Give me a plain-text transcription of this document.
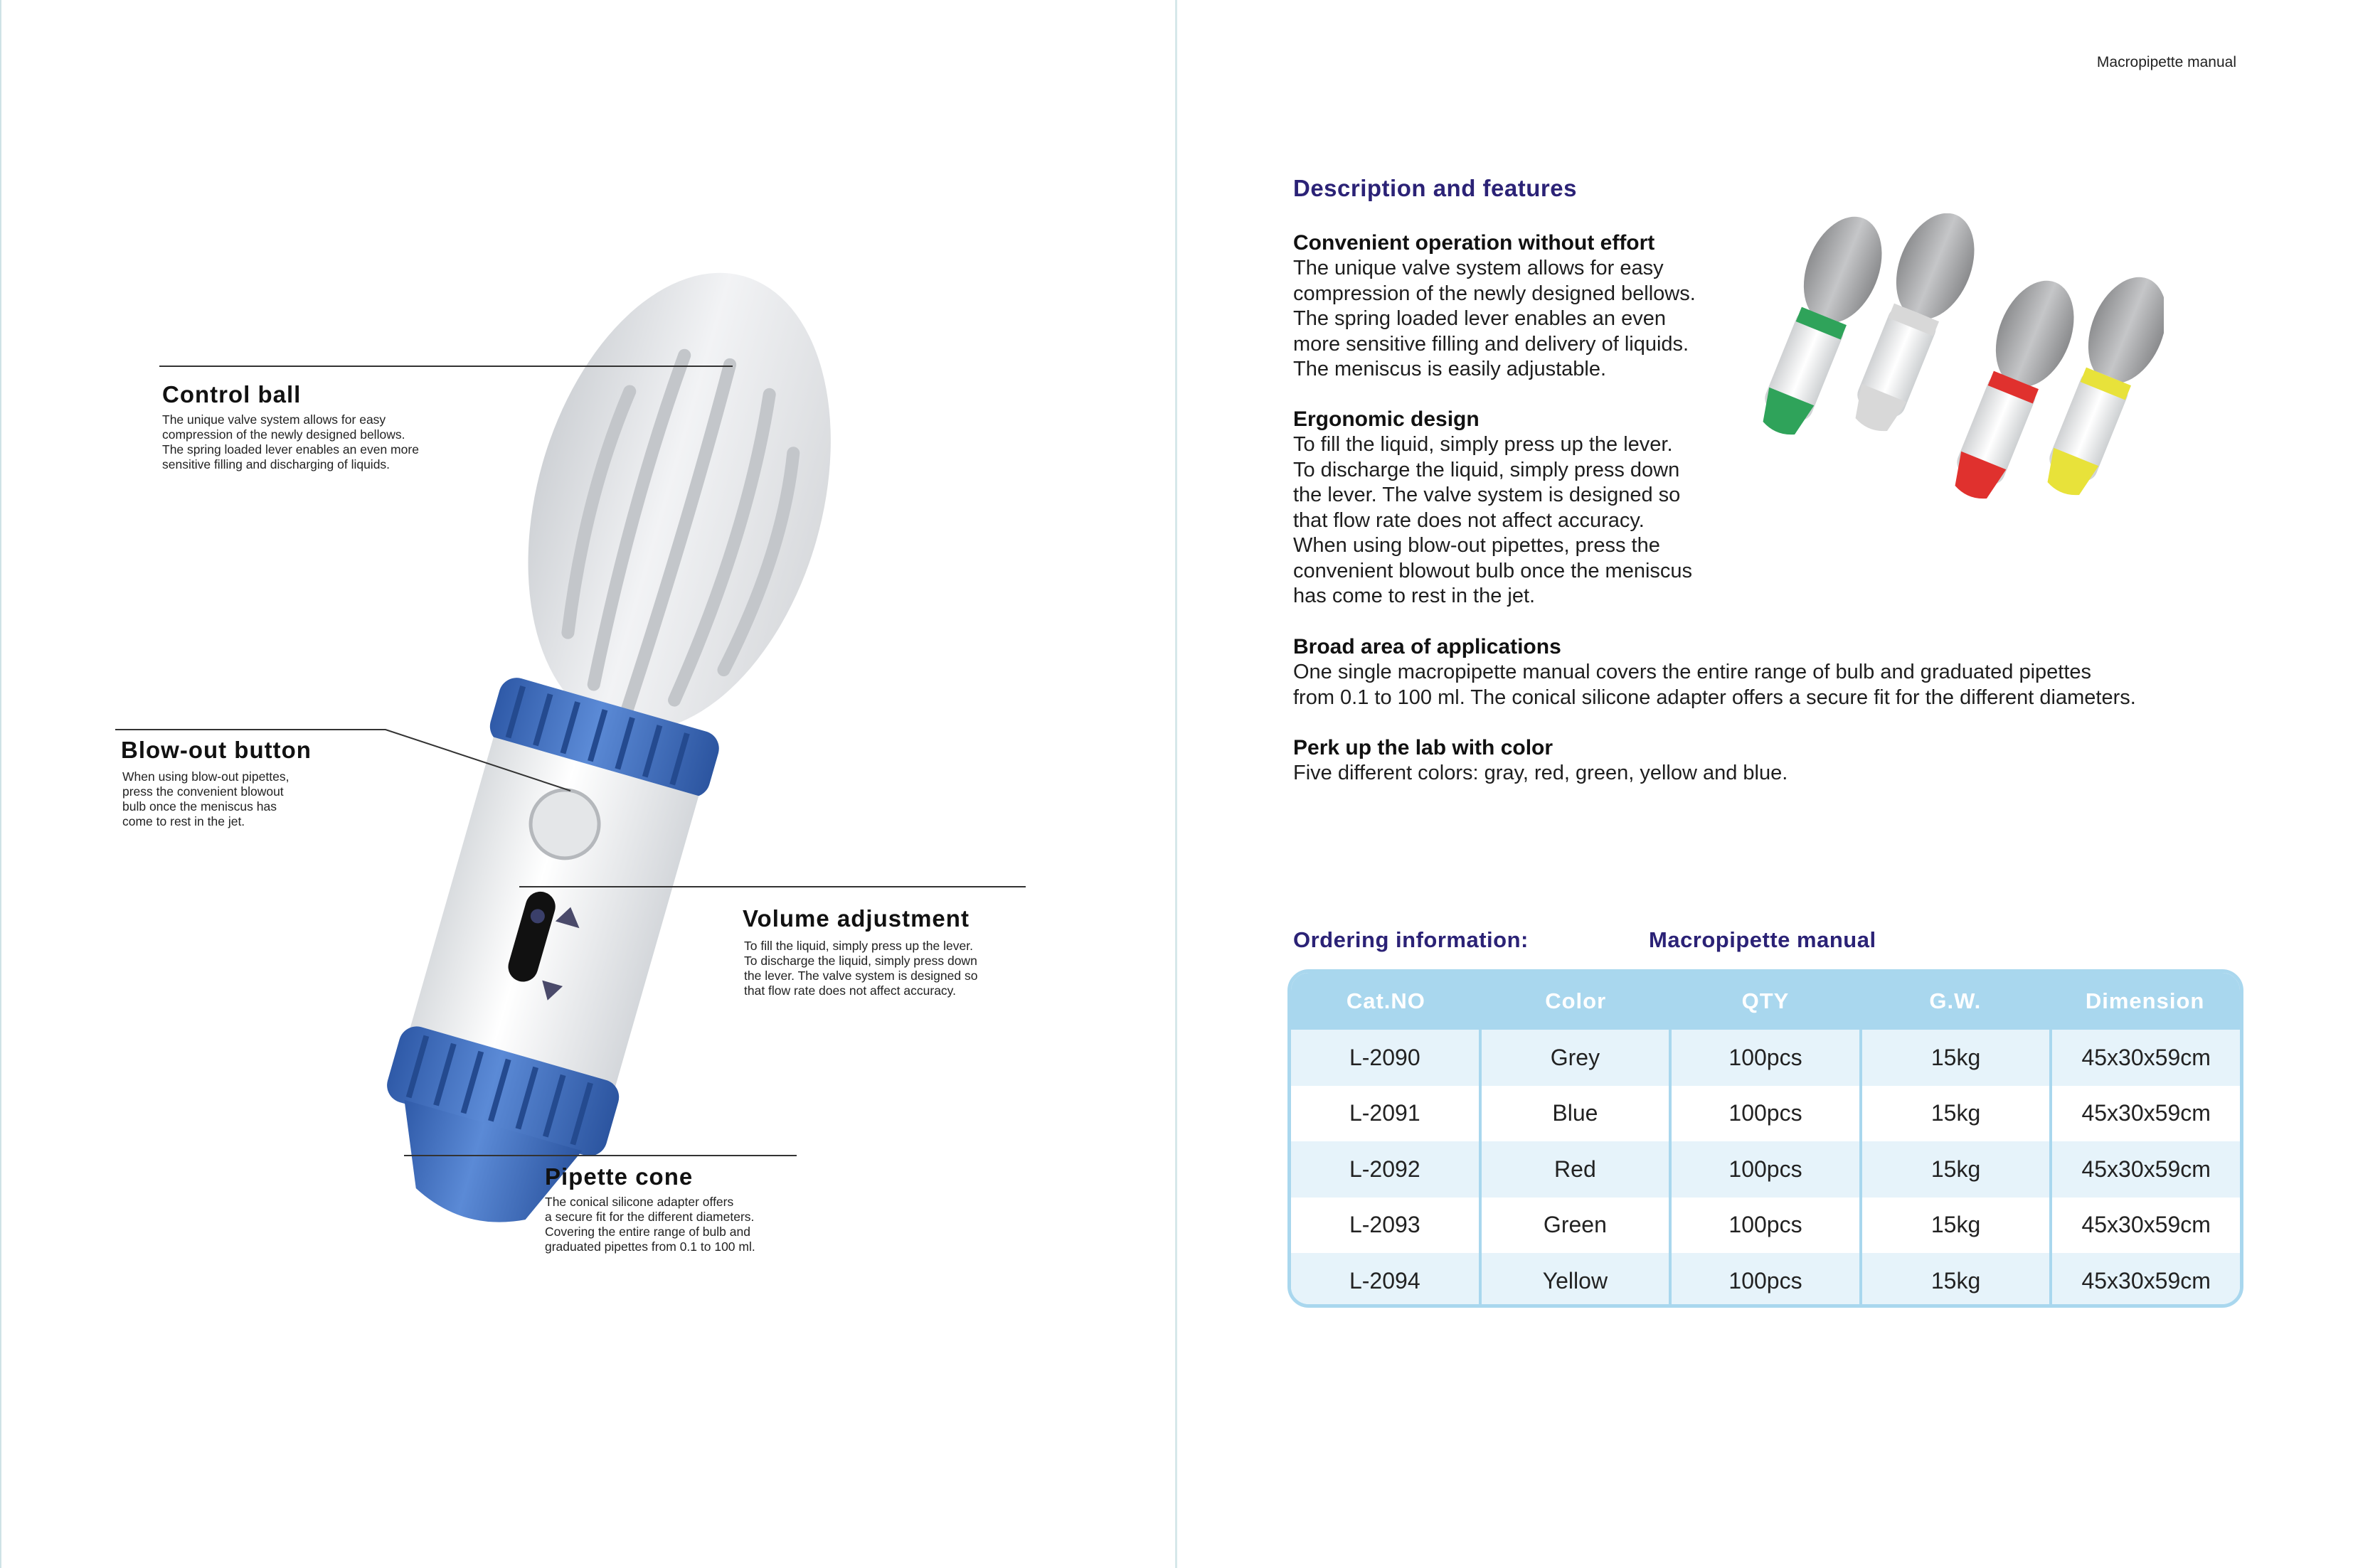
Control ball
The unique valve system allows for easy
compression of the newly designed bellows.
The spring loaded lever enables an even more
sensitive filling and discharging of liquids.
Blow-out button
When using blow-out pipettes,
press the convenient blowout
bulb once the meniscus has
come to rest in the jet.
Volume adjustment
To fill the liquid, simply press up the lever.
To discharge the liquid, simply press down
the lever. The valve system is designed so
that flow rate does not affect accuracy.
Pipette cone
The conical silicone adapter offers
a secure fit for the different diameters.
Covering the entire range of bulb and
graduated pipettes from 0.1 to 100 ml.
Macropipette manual
Description and features
Convenient operation without effort

The unique valve system allows for easy
compression of the newly designed bellows.
The spring loaded lever enables an even
more sensitive filling and delivery of liquids.
The meniscus is easily adjustable.

Ergonomic design

To fill the liquid, simply press up the lever.
To discharge the liquid, simply press down
the lever. The valve system is designed so
that flow rate does not affect accuracy.
When using blow-out pipettes, press the
convenient blowout bulb once the meniscus
has come to rest in the jet.

Broad area of applications

One single macropipette manual covers the entire range of bulb and graduated pipettes
from 0.1 to 100 ml. The conical silicone adapter offers a secure fit for the different diameters.

Perk up the lab with color

Five different colors: gray, red, green, yellow and blue.

Ordering information:	Macropipette manual
Cat.NO	Color	QTY	G.W.	Dimension
L-2090	Grey	100pcs	15kg	45x30x59cm
L-2091	Blue	100pcs	15kg	45x30x59cm
L-2092	Red	100pcs	15kg	45x30x59cm
L-2093	Green	100pcs	15kg	45x30x59cm
L-2094	Yellow	100pcs	15kg	45x30x59cm
